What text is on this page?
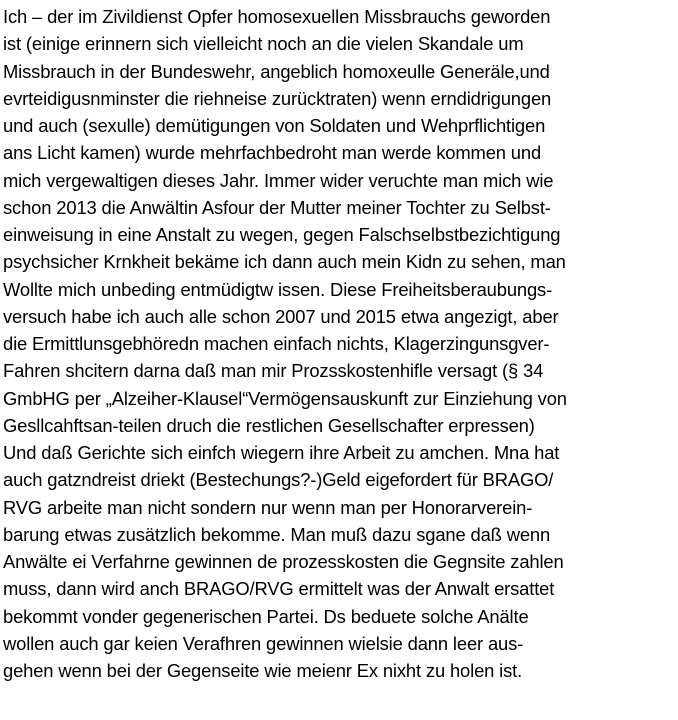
Ich – der im Zivildienst Opfer homosexuellen Missbrauchs geworden
ist (einige erinnern sich vielleicht noch an die vielen Skandale um
Missbrauch in der Bundeswehr, angeblich homoxeulle Generäle,und
evrteidigusnminster die riehneise zurücktraten) wenn erndidrigungen
und auch (sexulle) demütigungen von Soldaten und Wehprflichtigen
ans Licht kamen) wurde mehrfachbedroht man werde kommen und
mich vergewaltigen dieses Jahr. Immer wider veruchte man mich wie
schon 2013 die Anwältin Asfour der Mutter meiner Tochter zu Selbst-
einweisung in eine Anstalt zu wegen, gegen Falschselbstbezichtigung
psychsicher Krnkheit bekäme ich dann auch mein Kidn zu sehen, man
Wollte mich unbeding entmüdigtw issen. Diese Freiheitsberaubungs-
versuch habe ich auch alle schon 2007 und 2015 etwa angezigt, aber
die Ermittlunsgebhöredn machen einfach nichts, Klagerzingunsgver-
Fahren shcitern darna daß man mir Prozsskostenhifle versagt (§ 34
GmbHG per „Alzeiher-Klausel“Vermögensauskunft zur Einziehung von
Gesllcahftsan-teilen druch die restlichen Gesellschafter erpressen)
Und daß Gerichte sich einfch wiegern ihre Arbeit zu amchen. Mna hat
auch gatzndreist driekt (Bestechungs?-)Geld eigefordert für BRAGO/
RVG arbeite man nicht sondern nur wenn man per Honorarverein-
barung etwas zusätzlich bekomme. Man muß dazu sgane daß wenn
Anwälte ei Verfahrne gewinnen de prozesskosten die Gegnsite zahlen
muss, dann wird anch BRAGO/RVG ermittelt was der Anwalt ersattet
bekommt vonder gegenerischen Partei. Ds beduete solche Anälte
wollen auch gar keien Verafhren gewinnen wielsie dann leer aus-
gehen wenn bei der Gegenseite wie meienr Ex nixht zu holen ist.
